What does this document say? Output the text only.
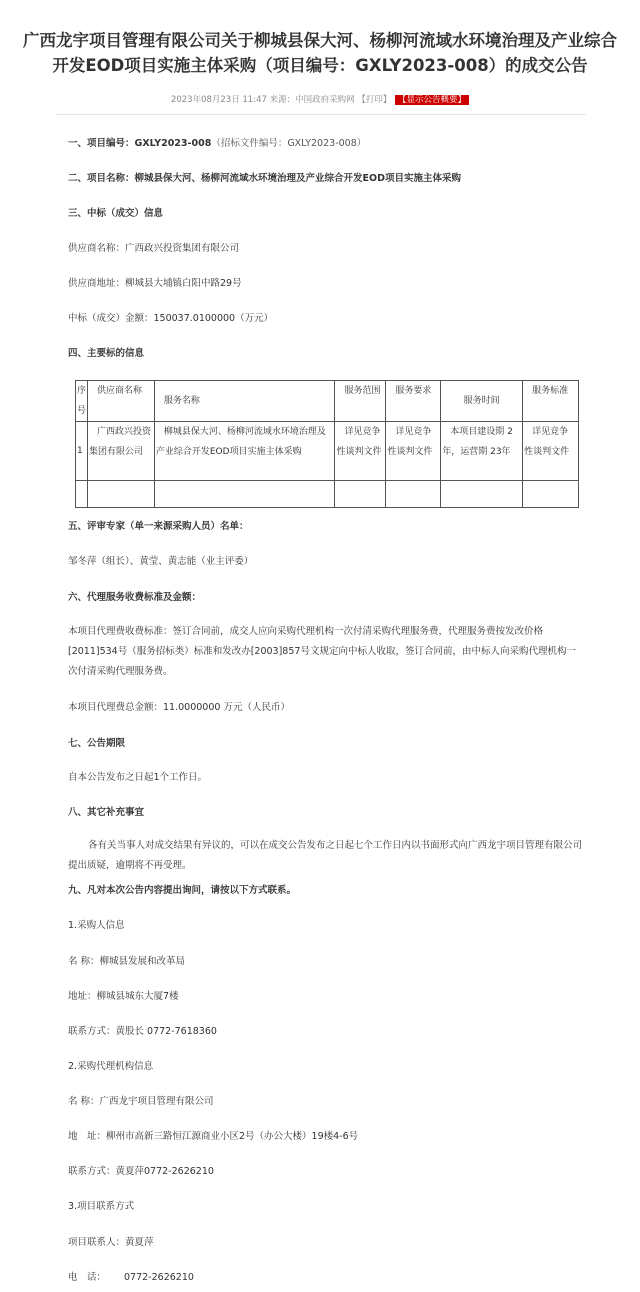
广西龙宇项目管理有限公司关于柳城县保大河、杨柳河流域水环境治理及产业综合
开发EOD项目实施主体采购（项目编号：GXLY2023-008）的成交公告
2023年08月23日 11:47 来源：中国政府采购网 【打印】 【显示公告概要】
一、项目编号：GXLY2023-008（招标文件编号：GXLY2023-008）
二、项目名称：柳城县保大河、杨柳河流域水环境治理及产业综合开发EOD项目实施主体采购
三、中标（成交）信息
供应商名称：广西政兴投资集团有限公司
供应商地址：柳城县大埔镇白阳中路29号
中标（成交）金额：150037.0100000（万元）
四、主要标的信息
序号	供应商名称	服务名称	服务范围	服务要求	服务时间	服务标准

1	广西政兴投资集团有限公司	柳城县保大河、杨柳河流域水环境治理及产业综合开发EOD项目实施主体采购	详见竞争性谈判文件	详见竞争性谈判文件	本项目建设期 2年，运营期 23年	详见竞争性谈判文件

五、评审专家（单一来源采购人员）名单：
邹冬萍（组长）、黄莹、黄志能（业主评委）
六、代理服务收费标准及金额：
本项目代理费收费标准：签订合同前，成交人应向采购代理机构一次付清采购代理服务费，代理服务费按发改价格[2011]534号（服务招标类）标准和发改办[2003]857号文规定向中标人收取，签订合同前，由中标人向采购代理机构一次付清采购代理服务费。
本项目代理费总金额：11.0000000 万元（人民币）
七、公告期限
自本公告发布之日起1个工作日。
八、其它补充事宜
各有关当事人对成交结果有异议的，可以在成交公告发布之日起七个工作日内以书面形式向广西龙宇项目管理有限公司提出质疑，逾期将不再受理。
九、凡对本次公告内容提出询问，请按以下方式联系。
1.采购人信息
名 称：柳城县发展和改革局
地址：柳城县城东大厦7楼
联系方式：黄股长 0772-7618360
2.采购代理机构信息
名 称：广西龙宇项目管理有限公司
地　址：柳州市高新三路恒江源商业小区2号（办公大楼）19楼4-6号
联系方式：黄夏萍0772-2626210
3.项目联系方式
项目联系人：黄夏萍
电　话： 0772-2626210
